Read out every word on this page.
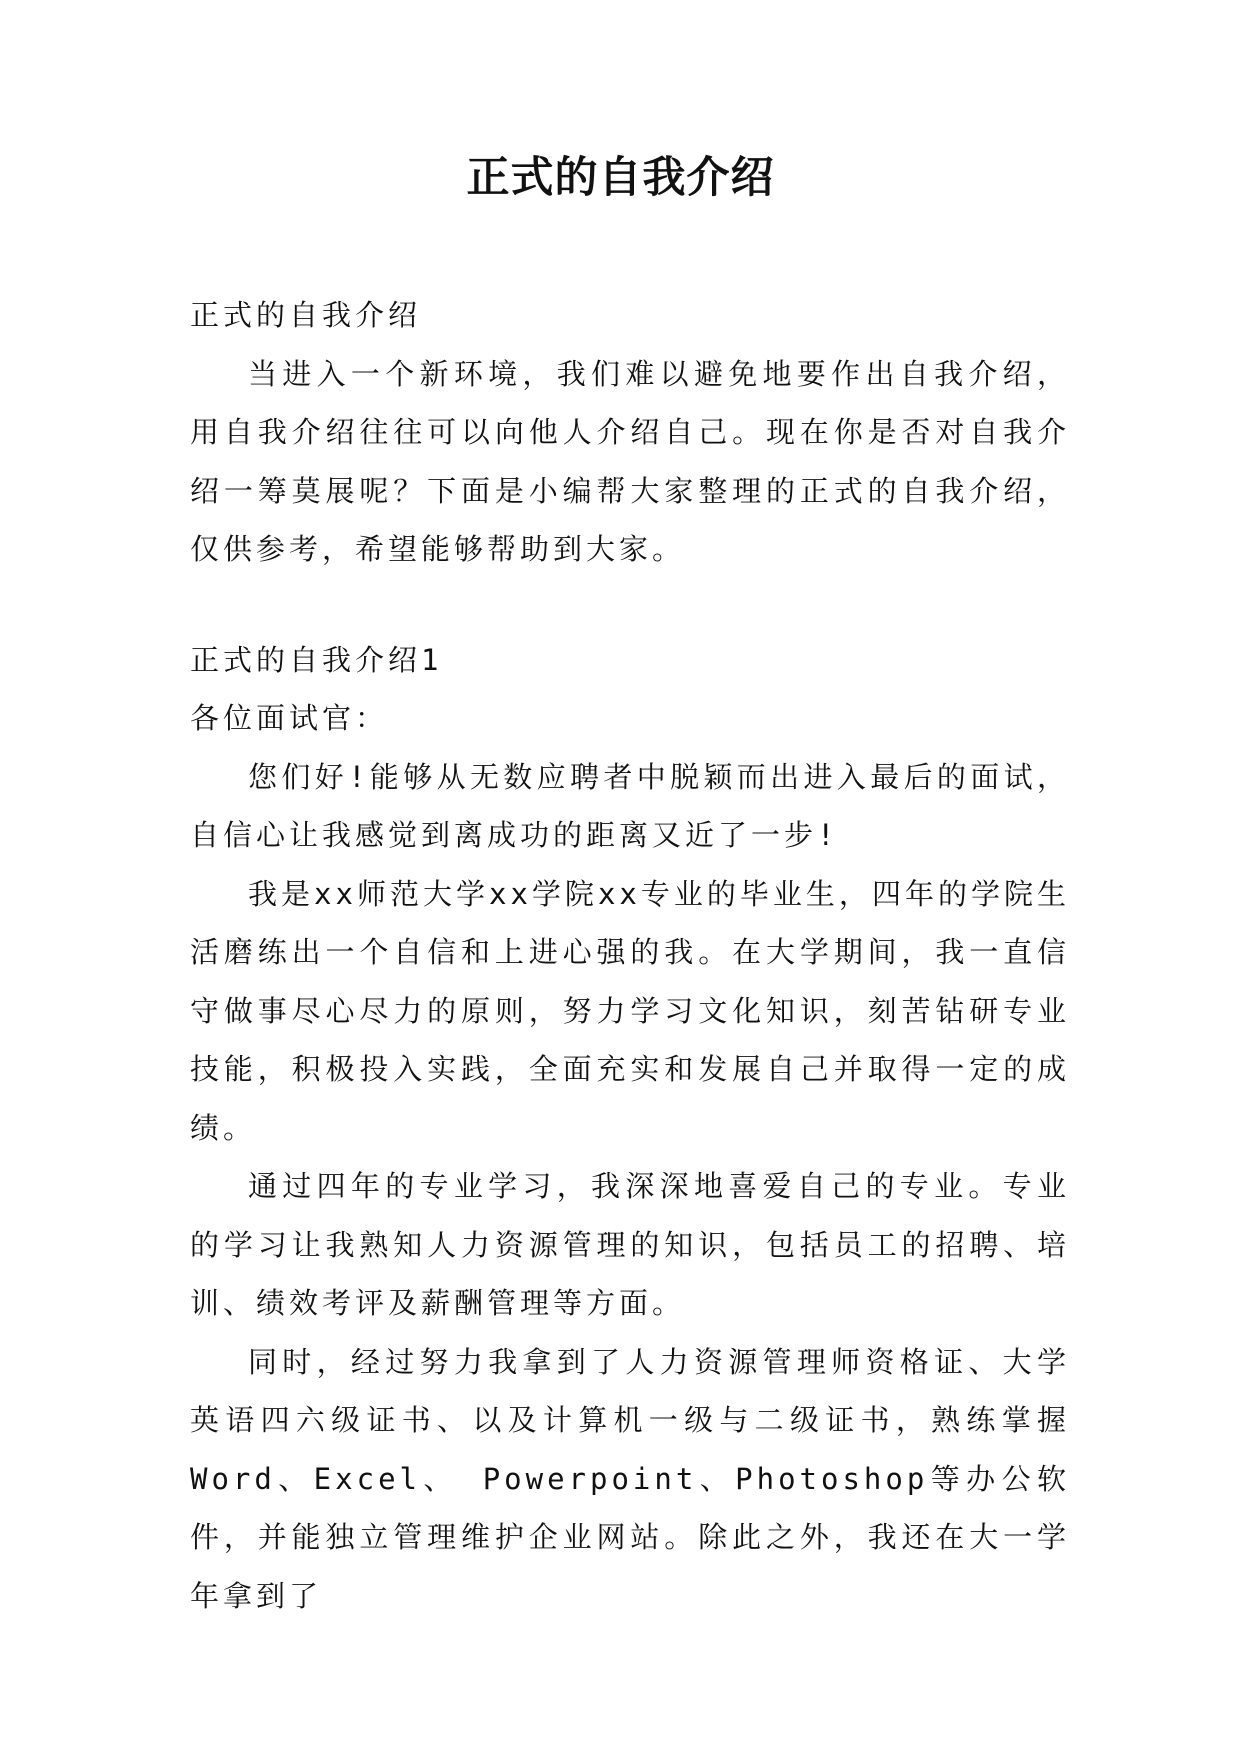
正式的自我介绍

正式的自我介绍

当进入一个新环境，我们难以避免地要作出自我介绍，用自我介绍往往可以向他人介绍自己。现在你是否对自我介绍一筹莫展呢？下面是小编帮大家整理的正式的自我介绍，仅供参考，希望能够帮助到大家。

正式的自我介绍1

各位面试官：

您们好!能够从无数应聘者中脱颖而出进入最后的面试，自信心让我感觉到离成功的距离又近了一步!

我是xx师范大学xx学院xx专业的毕业生，四年的学院生活磨练出一个自信和上进心强的我。在大学期间，我一直信守做事尽心尽力的原则，努力学习文化知识，刻苦钻研专业技能，积极投入实践，全面充实和发展自己并取得一定的成绩。

通过四年的专业学习，我深深地喜爱自己的专业。专业的学习让我熟知人力资源管理的知识，包括员工的招聘、培训、绩效考评及薪酬管理等方面。

同时，经过努力我拿到了人力资源管理师资格证、大学英语四六级证书、以及计算机一级与二级证书，熟练掌握Word、Excel、 Powerpoint、Photoshop等办公软件，并能独立管理维护企业网站。除此之外，我还在大一学年拿到了
